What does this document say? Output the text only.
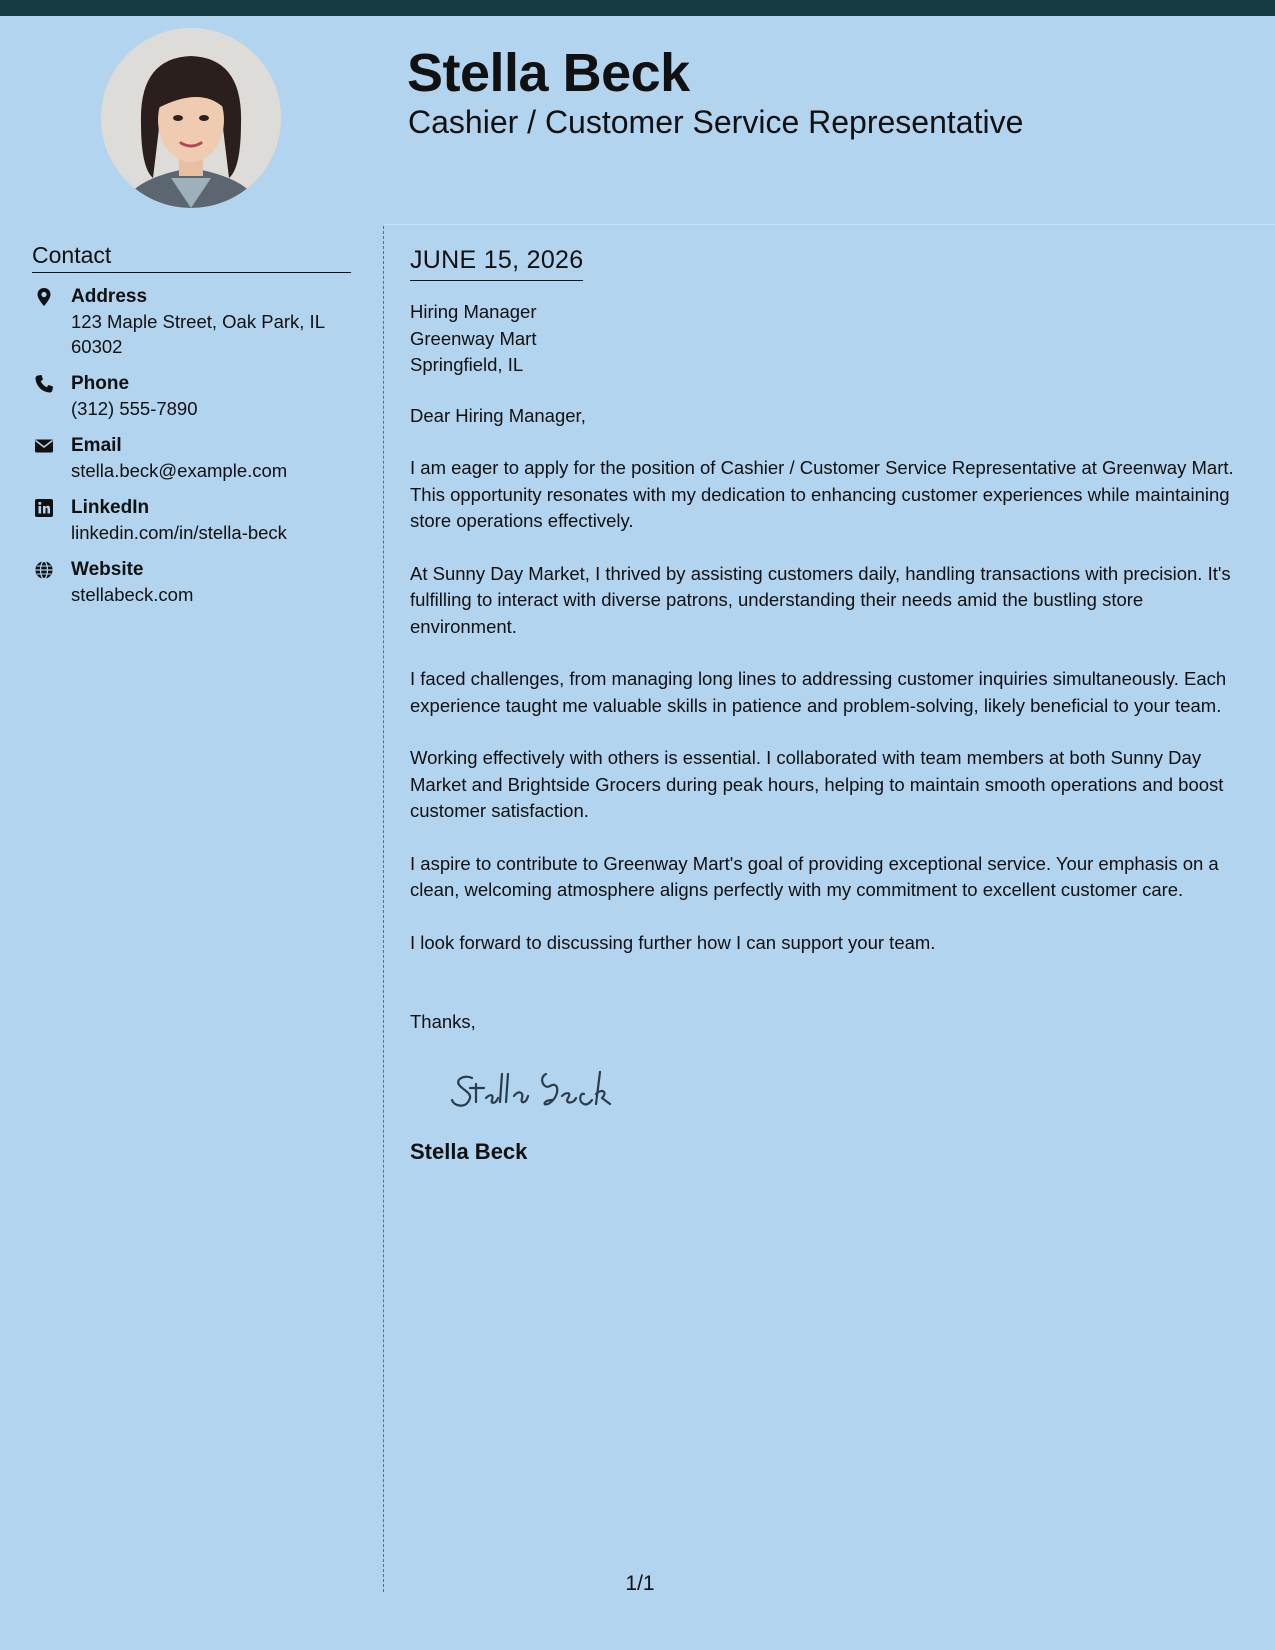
Stella Beck
Cashier / Customer Service Representative
Contact
Address
123 Maple Street, Oak Park, IL 60302
Phone
(312) 555-7890
Email
stella.beck@example.com
LinkedIn
linkedin.com/in/stella-beck
Website
stellabeck.com
JUNE 15, 2026
Hiring Manager
Greenway Mart
Springfield, IL
Dear Hiring Manager,
I am eager to apply for the position of Cashier / Customer Service Representative at Greenway Mart. This opportunity resonates with my dedication to enhancing customer experiences while maintaining store operations effectively.
At Sunny Day Market, I thrived by assisting customers daily, handling transactions with precision. It's fulfilling to interact with diverse patrons, understanding their needs amid the bustling store environment.
I faced challenges, from managing long lines to addressing customer inquiries simultaneously. Each experience taught me valuable skills in patience and problem-solving, likely beneficial to your team.
Working effectively with others is essential. I collaborated with team members at both Sunny Day Market and Brightside Grocers during peak hours, helping to maintain smooth operations and boost customer satisfaction.
I aspire to contribute to Greenway Mart's goal of providing exceptional service. Your emphasis on a clean, welcoming atmosphere aligns perfectly with my commitment to excellent customer care.
I look forward to discussing further how I can support your team.
Thanks,
Stella Beck
1/1
